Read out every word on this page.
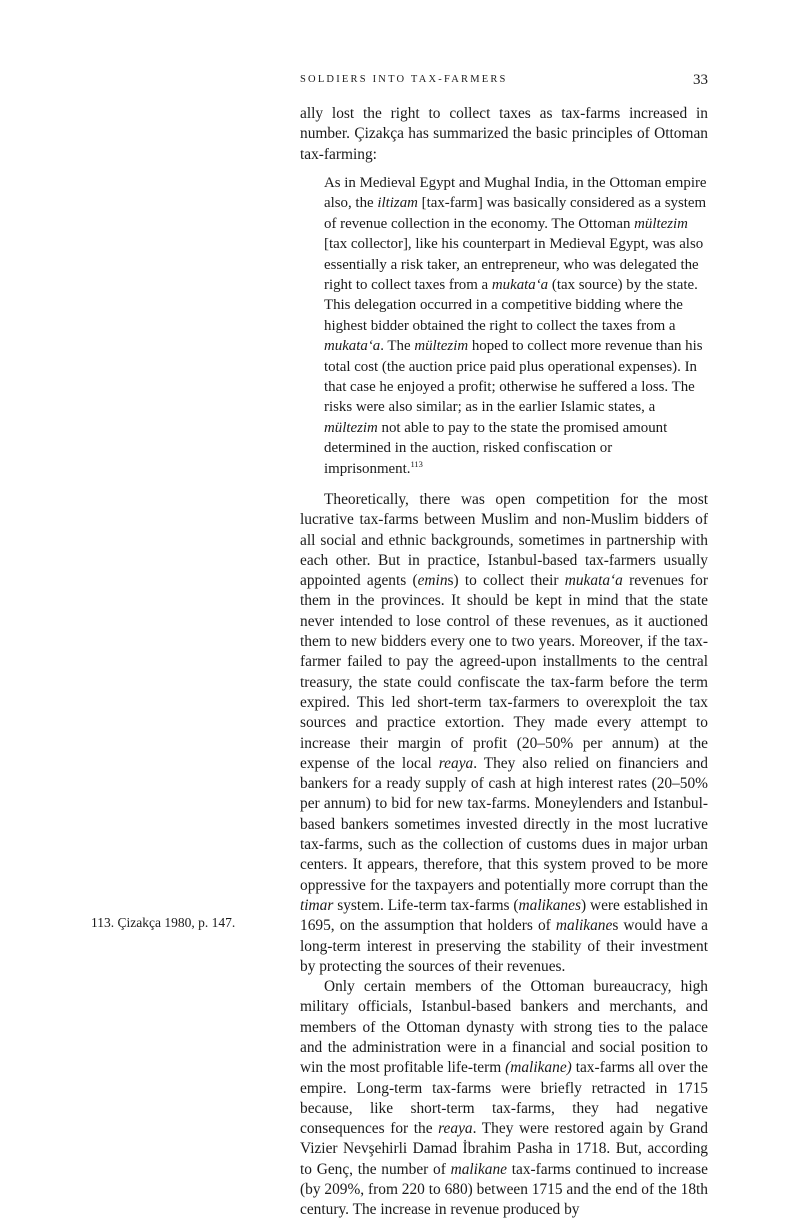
SOLDIERS INTO TAX-FARMERS	33

ally lost the right to collect taxes as tax-farms increased in number. Çizakça has summarized the basic principles of Ottoman tax-farming:

As in Medieval Egypt and Mughal India, in the Ottoman empire also, the iltizam [tax-farm] was basically considered as a system of revenue collection in the economy. The Ottoman mültezim [tax collector], like his counterpart in Medieval Egypt, was also essentially a risk taker, an entrepreneur, who was delegated the right to collect taxes from a mukata‘a (tax source) by the state. This delegation occurred in a competitive bidding where the highest bidder obtained the right to collect the taxes from a mukata‘a. The mültezim hoped to collect more revenue than his total cost (the auction price paid plus operational expenses). In that case he enjoyed a profit; otherwise he suffered a loss. The risks were also similar; as in the earlier Islamic states, a mültezim not able to pay to the state the promised amount determined in the auction, risked confiscation or imprisonment.$^{113}$

Theoretically, there was open competition for the most lucrative tax-farms between Muslim and non-Muslim bidders of all social and ethnic backgrounds, sometimes in partnership with each other. But in practice, Istanbul-based tax-farmers usually appointed agents (emins) to collect their mukata‘a revenues for them in the provinces. It should be kept in mind that the state never intended to lose control of these revenues, as it auctioned them to new bidders every one to two years. Moreover, if the tax-farmer failed to pay the agreed-upon installments to the central treasury, the state could confiscate the tax-farm before the term expired. This led short-term tax-farmers to overexploit the tax sources and practice extortion. They made every attempt to increase their margin of profit (20–50% per annum) at the expense of the local reaya. They also relied on financiers and bankers for a ready supply of cash at high interest rates (20–50% per annum) to bid for new tax-farms. Moneylenders and Istanbul-based bankers sometimes invested directly in the most lucrative tax-farms, such as the collection of customs dues in major urban centers. It appears, therefore, that this system proved to be more oppressive for the taxpayers and potentially more corrupt than the timar system. Life-term tax-farms (malikanes) were established in 1695, on the assumption that holders of malikanes would have a long-term interest in preserving the stability of their investment by protecting the sources of their revenues.

Only certain members of the Ottoman bureaucracy, high military officials, Istanbul-based bankers and merchants, and members of the Ottoman dynasty with strong ties to the palace and the administration were in a financial and social position to win the most profitable life-term (malikane) tax-farms all over the empire. Long-term tax-farms were briefly retracted in 1715 because, like short-term tax-farms, they had negative consequences for the reaya. They were restored again by Grand Vizier Nevşehirli Damad İbrahim Pasha in 1718. But, according to Genç, the number of malikane tax-farms continued to increase (by 209%, from 220 to 680) between 1715 and the end of the 18th century. The increase in revenue produced by

113. Çizakça 1980, p. 147.
